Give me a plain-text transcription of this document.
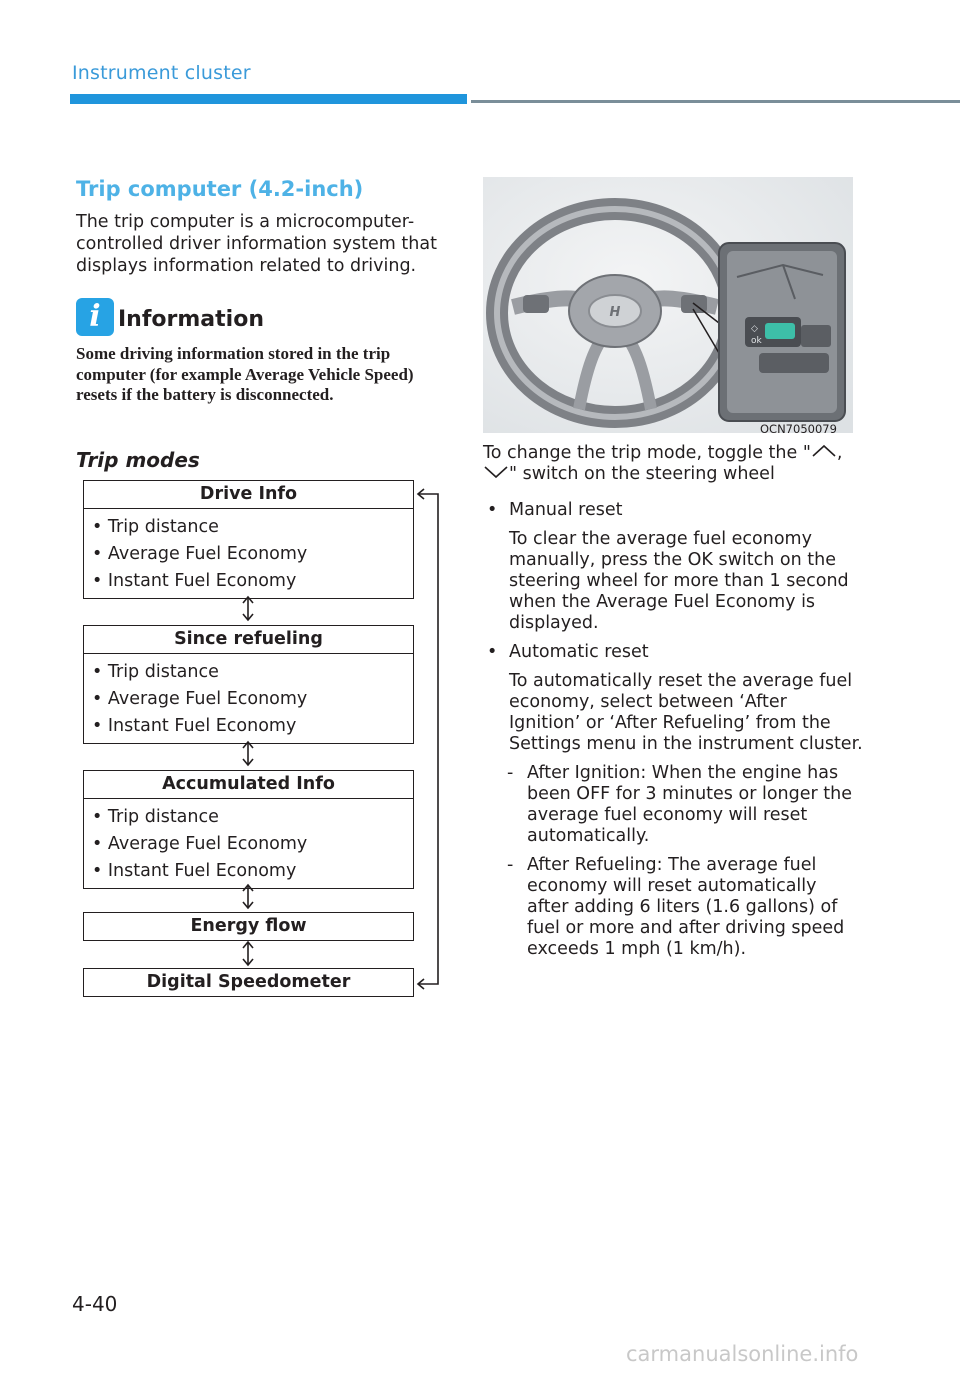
Instrument cluster
Trip computer (4.2-inch)
The trip computer is a microcomputer-controlled driver information system that displays information related to driving.
i Information
Some driving information stored in the trip computer (for example Average Vehicle Speed) resets if the battery is disconnected.
Trip modes
Drive Info
• Trip distance
• Average Fuel Economy
• Instant Fuel Economy
Since refueling
• Trip distance
• Average Fuel Economy
• Instant Fuel Economy
Accumulated Info
• Trip distance
• Average Fuel Economy
• Instant Fuel Economy
Energy flow
Digital Speedometer
H
◇
ok
OCN7050079

To change the trip mode, toggle the " , " switch on the steering wheel

• Manual reset

To clear the average fuel economy manually, press the OK switch on the steering wheel for more than 1 second when the Average Fuel Economy is displayed.

• Automatic reset

To automatically reset the average fuel economy, select between ‘After Ignition’ or ‘After Refueling’ from the Settings menu in the instrument cluster.

- After Ignition: When the engine has been OFF for 3 minutes or longer the average fuel economy will reset automatically.

- After Refueling: The average fuel economy will reset automatically after adding 6 liters (1.6 gallons) of fuel or more and after driving speed exceeds 1 mph (1 km/h).

4-40
carmanualsonline.info
